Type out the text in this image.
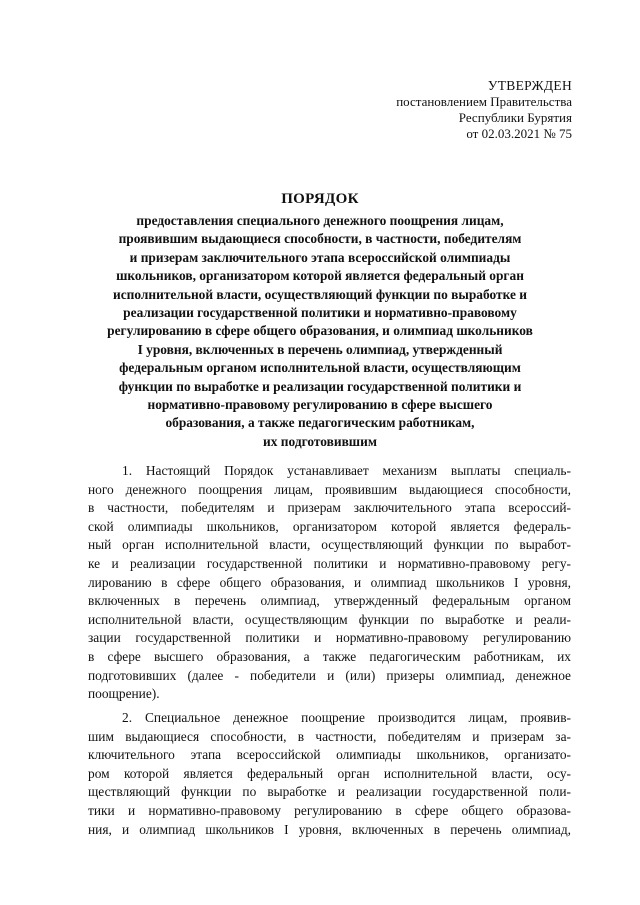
УТВЕРЖДЕН
постановлением Правительства
Республики Бурятия
от 02.03.2021 № 75
ПОРЯДОК
предоставления специального денежного поощрения лицам,
проявившим выдающиеся способности, в частности, победителям
и призерам заключительного этапа всероссийской олимпиады
школьников, организатором которой является федеральный орган
исполнительной власти, осуществляющий функции по выработке и
реализации государственной политики и нормативно-правовому
регулированию в сфере общего образования, и олимпиад школьников
I уровня, включенных в перечень олимпиад, утвержденный
федеральным органом исполнительной власти, осуществляющим
функции по выработке и реализации государственной политики и
нормативно-правовому регулированию в сфере высшего
образования, а также педагогическим работникам,
их подготовившим
1. Настоящий Порядок устанавливает механизм выплаты специаль-
ного денежного поощрения лицам, проявившим выдающиеся способности,
в частности, победителям и призерам заключительного этапа всероссий-
ской олимпиады школьников, организатором которой является федераль-
ный орган исполнительной власти, осуществляющий функции по выработ-
ке и реализации государственной политики и нормативно-правовому регу-
лированию в сфере общего образования, и олимпиад школьников I уровня,
включенных в перечень олимпиад, утвержденный федеральным органом
исполнительной власти, осуществляющим функции по выработке и реали-
зации государственной политики и нормативно-правовому регулированию
в сфере высшего образования, а также педагогическим работникам, их
подготовивших (далее - победители и (или) призеры олимпиад, денежное
поощрение).
2. Специальное денежное поощрение производится лицам, проявив-
шим выдающиеся способности, в частности, победителям и призерам за-
ключительного этапа всероссийской олимпиады школьников, организато-
ром которой является федеральный орган исполнительной власти, осу-
ществляющий функции по выработке и реализации государственной поли-
тики и нормативно-правовому регулированию в сфере общего образова-
ния, и олимпиад школьников I уровня, включенных в перечень олимпиад,
